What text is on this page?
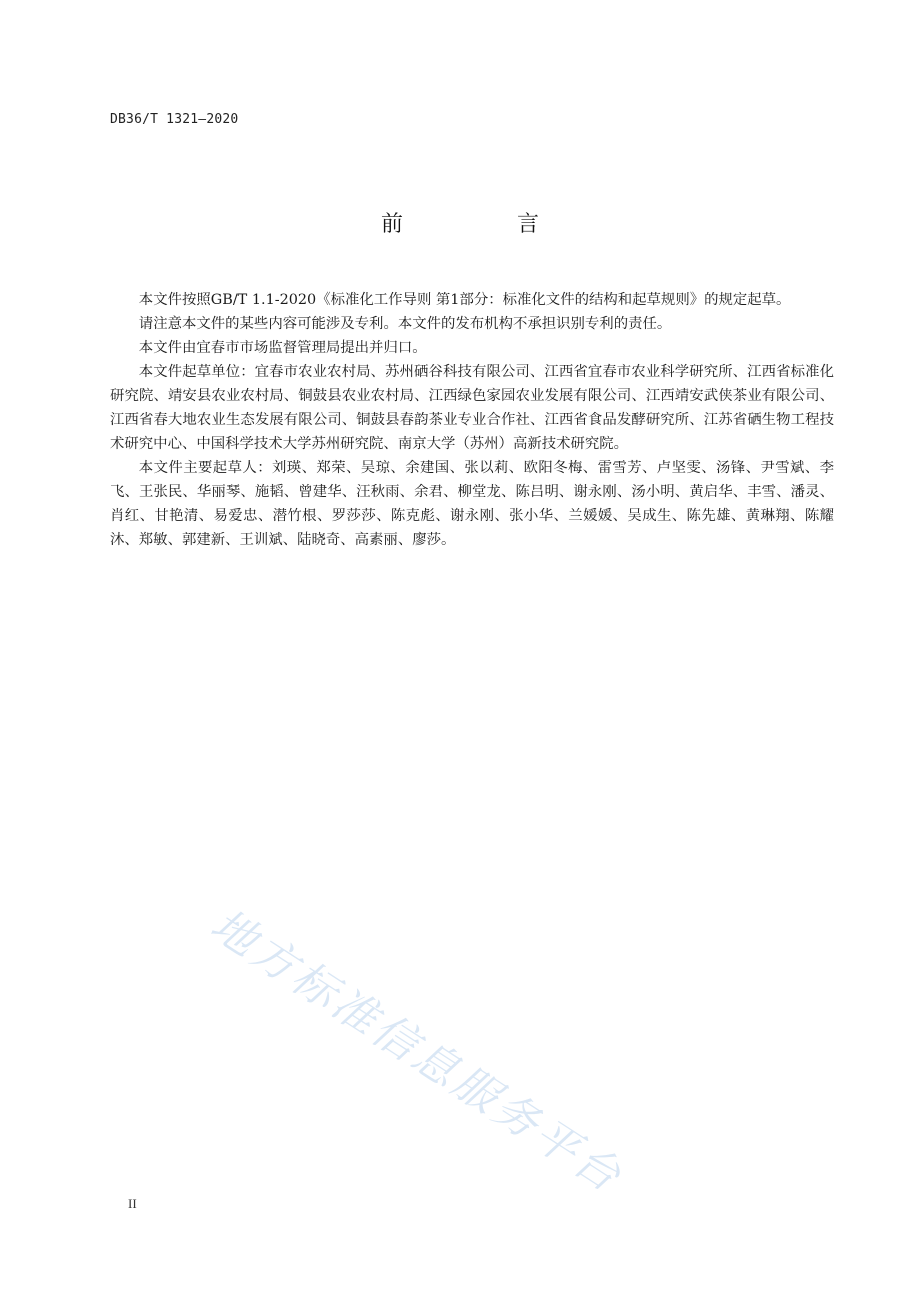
DB36/T 1321—2020
前　言

本文件按照GB/T 1.1-2020《标准化工作导则 第1部分：标准化文件的结构和起草规则》的规定起草。

请注意本文件的某些内容可能涉及专利。本文件的发布机构不承担识别专利的责任。

本文件由宜春市市场监督管理局提出并归口。

本文件起草单位：宜春市农业农村局、苏州硒谷科技有限公司、江西省宜春市农业科学研究所、江西省标准化研究院、靖安县农业农村局、铜鼓县农业农村局、江西绿色家园农业发展有限公司、江西靖安武侠茶业有限公司、江西省春大地农业生态发展有限公司、铜鼓县春韵茶业专业合作社、江西省食品发酵研究所、江苏省硒生物工程技术研究中心、中国科学技术大学苏州研究院、南京大学（苏州）高新技术研究院。

本文件主要起草人：刘瑛、郑荣、吴琼、余建国、张以莉、欧阳冬梅、雷雪芳、卢坚雯、汤锋、尹雪斌、李飞、王张民、华丽琴、施韬、曾建华、汪秋雨、余君、柳堂龙、陈吕明、谢永刚、汤小明、黄启华、丰雪、潘灵、肖红、甘艳清、易爱忠、潜竹根、罗莎莎、陈克彪、谢永刚、张小华、兰媛媛、吴成生、陈先雄、黄琳翔、陈耀沐、郑敏、郭建新、王训斌、陆晓奇、高素丽、廖莎。

地方标准信息服务平台
II
